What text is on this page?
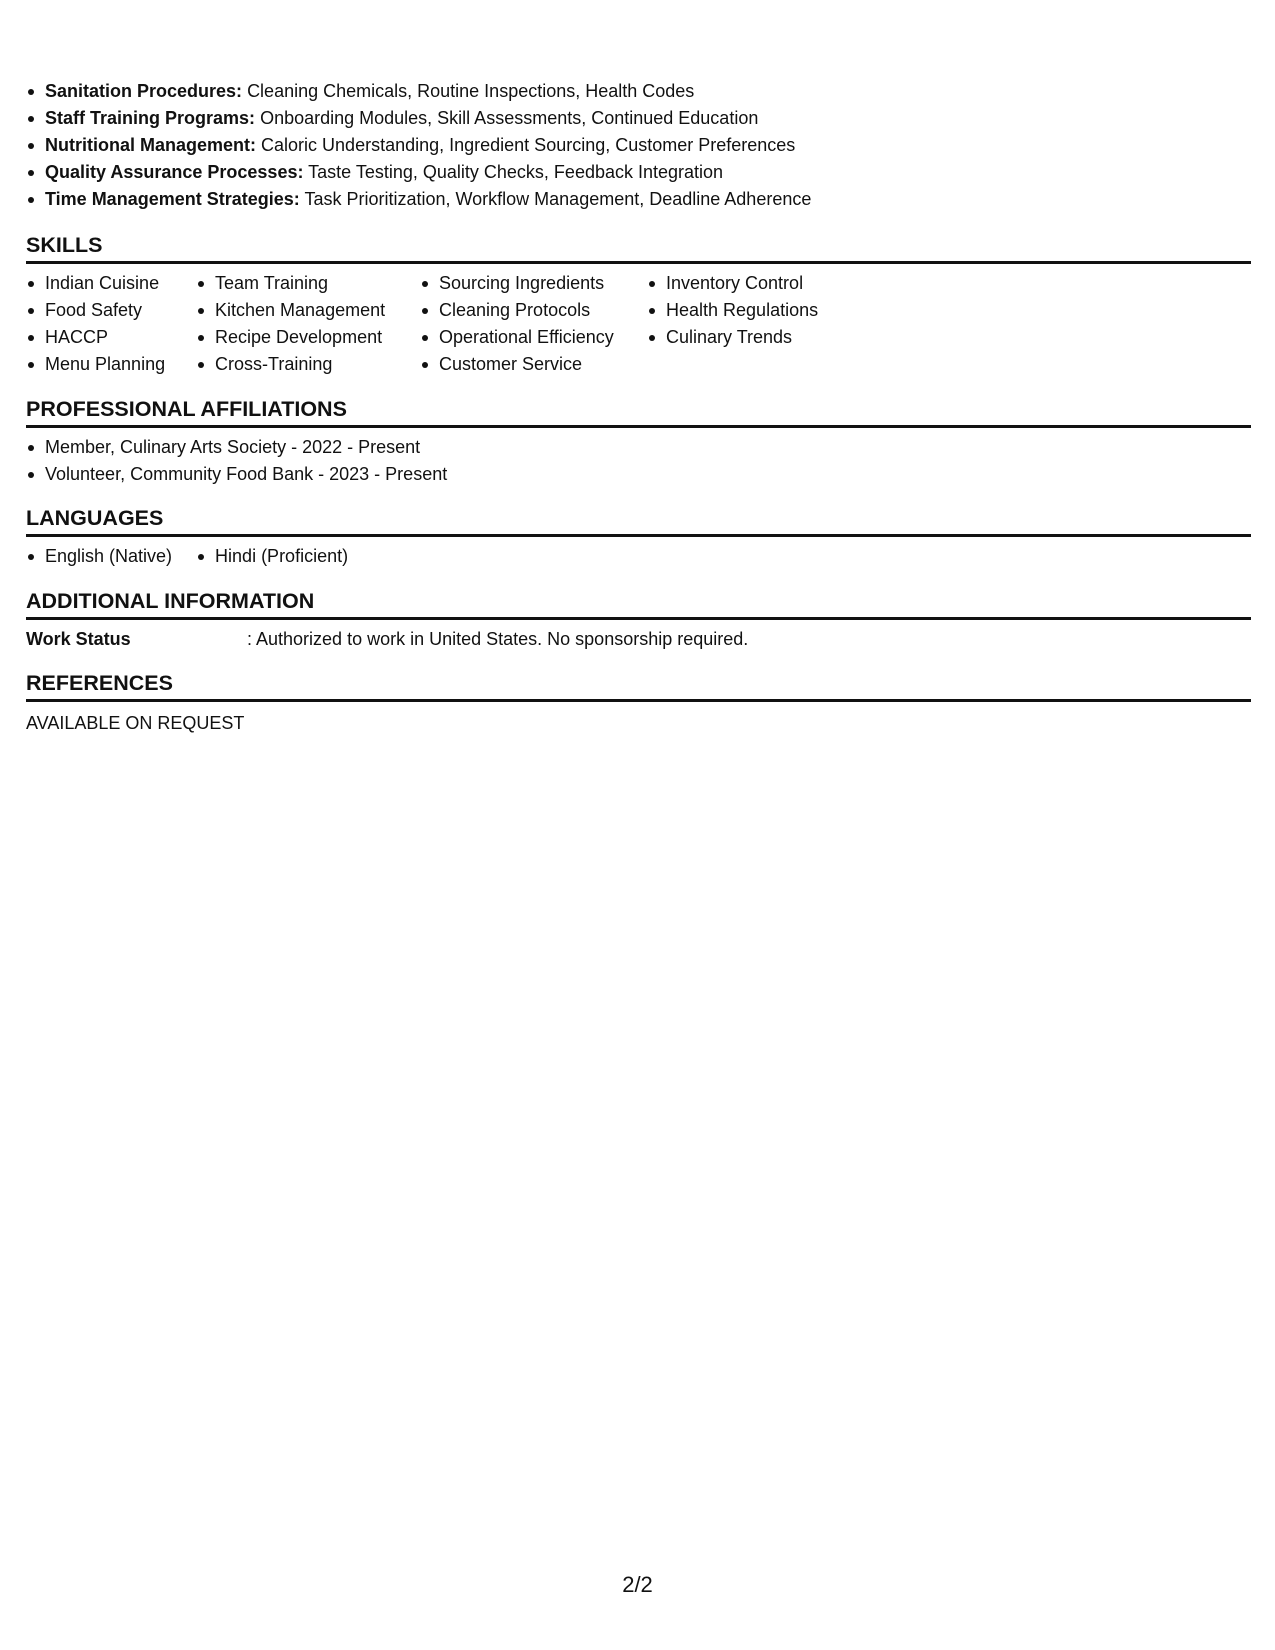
Sanitation Procedures: Cleaning Chemicals, Routine Inspections, Health Codes
Staff Training Programs: Onboarding Modules, Skill Assessments, Continued Education
Nutritional Management: Caloric Understanding, Ingredient Sourcing, Customer Preferences
Quality Assurance Processes: Taste Testing, Quality Checks, Feedback Integration
Time Management Strategies: Task Prioritization, Workflow Management, Deadline Adherence
SKILLS
Indian Cuisine
Food Safety
HACCP
Menu Planning
Team Training
Kitchen Management
Recipe Development
Cross-Training
Sourcing Ingredients
Cleaning Protocols
Operational Efficiency
Customer Service
Inventory Control
Health Regulations
Culinary Trends
PROFESSIONAL AFFILIATIONS
Member, Culinary Arts Society - 2022 - Present
Volunteer, Community Food Bank - 2023 - Present
LANGUAGES
English (Native)	Hindi (Proficient)
ADDITIONAL INFORMATION
Work Status	: Authorized to work in United States. No sponsorship required.
REFERENCES
AVAILABLE ON REQUEST
2/2
